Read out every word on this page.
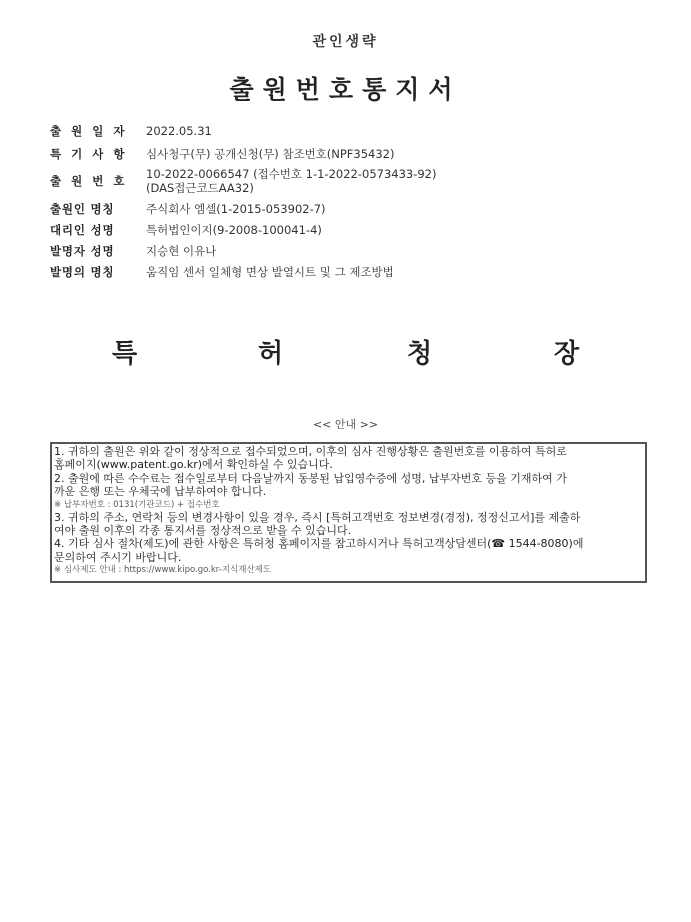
관인생략
출원번호통지서
출 원 일 자	2022.05.31
특 기 사 항	심사청구(무) 공개신청(무) 참조번호(NPF35432)
출 원 번 호	10-2022-0066547 (접수번호 1-1-2022-0573433-92)
(DAS접근코드AA32)
출원인 명칭	주식회사 엠셀(1-2015-053902-7)
대리인 성명	특허법인이지(9-2008-100041-4)
발명자 성명	지승현 이유나
발명의 명칭	움직임 센서 일체형 면상 발열시트 및 그 제조방법
특	허	청	장
<< 안내 >>
1. 귀하의 출원은 위와 같이 정상적으로 접수되었으며, 이후의 심사 진행상황은 출원번호를 이용하여 특허로
홈페이지(www.patent.go.kr)에서 확인하실 수 있습니다.
2. 출원에 따른 수수료는 접수일로부터 다음날까지 동봉된 납입영수증에 성명, 납부자번호 등을 기재하여 가
까운 은행 또는 우체국에 납부하여야 합니다.
※ 납부자번호 : 0131(기관코드) + 접수번호
3. 귀하의 주소, 연락처 등의 변경사항이 있을 경우, 즉시 [특허고객번호 정보변경(경정), 정정신고서]를 제출하
여야 출원 이후의 각종 통지서를 정상적으로 받을 수 있습니다.
4. 기타 심사 절차(제도)에 관한 사항은 특허청 홈페이지를 참고하시거나 특허고객상담센터(☎ 1544-8080)에
문의하여 주시기 바랍니다.
※ 심사제도 안내 : https://www.kipo.go.kr-지식재산제도
